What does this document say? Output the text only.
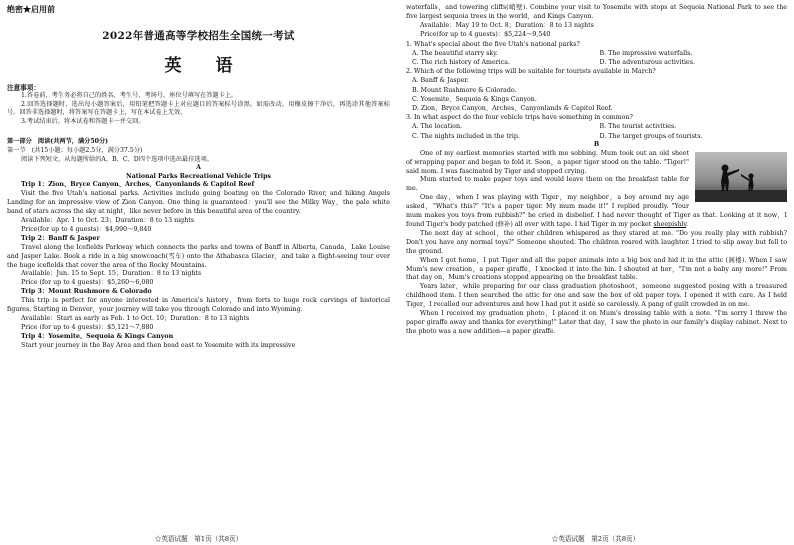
绝密★启用前
2022年普通高等学校招生全国统一考试
英 语
注意事项：

1.答卷前，考生务必将自己的姓名、考生号、考场号、座位号填写在答题卡上。

2.回答选择题时，选出每小题答案后，用铅笔把答题卡上对应题目的答案标号涂黑。如需改动，用橡皮擦干净后，再选涂其他答案标号。回答非选择题时，将答案写在答题卡上，写在本试卷上无效。

3.考试结束后，将本试卷和答题卡一并交回。

第一部分　阅读(共两节，满分50分)
第一节　(共15小题；每小题2.5分，满分37.5分)
阅读下列短文，从每题所给的A、B、C、D四个选项中选出最佳选项。
A
National Parks Recreational Vehicle Trips
Trip 1：Zion、Bryce Canyon、Arches、Canyonlands & Capitol Reef

Visit the five Utah's national parks. Activities include going boating on the Colorado River, and hiking Angels Landing for an impressive view of Zion Canyon. One thing is guaranteed：you'll see the Milky Way，the pale white band of stars across the sky at night，like never before in this beautiful area of the country.

Available：Apr. 1 to Oct. 23；Duration：8 to 13 nights
Price(for up to 4 guests)：$4,990～9,840
Trip 2：Banff & Jasper

Travel along the Icefields Parkway which connects the parks and towns of Banff in Alberta, Canada，Lake Louise and Jasper Lake. Book a ride in a big snowcoach(雪车) onto the Athabasca Glacier，and take a flight-seeing tour over the huge icefields that cover the area of the Rocky Mountains.

Available：Jun. 15 to Sept. 15；Duration：8 to 13 nights
Price (for up to 4 guests)：$5,260～6,080
Trip 3：Mount Rushmore & Colorado

This trip is perfect for anyone interested in America's history，from forts to huge rock carvings of historical figures. Starting in Denver，your journey will take you through Colorado and into Wyoming.

Available：Start as early as Feb. 1 to Oct. 10；Duration：8 to 13 nights
Price (for up to 4 guests)：$5,121～7,880
Trip 4：Yosemite、Sequoia & Kings Canyon

Start your journey in the Bay Area and then head east to Yosemite with its impressive

☆英语试题　第1页（共8页）

waterfalls，and towering cliffs(峭壁). Combine your visit to Yosemite with stops at Sequoia National Park to see the five largest sequoia trees in the world，and Kings Canyon.

Available：May 19 to Oct. 8；Duration：8 to 13 nights
Price(for up to 4 guests)：$5,224～9,540
1. What's special about the five Utah's national parks?
A. The beautiful starry sky.	B. The impressive waterfalls.
C. The rich history of America.	D. The adventurous activities.
2. Which of the following trips will be suitable for tourists available in March?
A. Banff & Jasper.
B. Mount Rushmore & Colorado.
C. Yosemite、Sequoia & Kings Canyon.
D. Zion、Bryce Canyon、Arches、Canyonlands & Capitol Reef.
3. In what aspect do the four vehicle trips have something in common?
A. The location.	B. The tourist activities.
C. The nights included in the trip.	D. The target groups of tourists.
B

One of my earliest memories started with me sobbing. Mum took out an old sheet of wrapping paper and began to fold it. Soon，a paper tiger stood on the table. "Tiger!" said mom. I was fascinated by Tiger and stopped crying.

Mum started to make paper toys and would leave them on the breakfast table for me.

One day，when I was playing with Tiger，my neighbor，a boy around my age asked，"What's this?" "It's a paper tiger. My mum made it!" I replied proudly. "Your mum makes you toys from rubbish?" he cried in disbelief. I had never thought of Tiger as that. Looking at it now，I found Tiger's body patched (修补) all over with tape. I hid Tiger in my pocket sheepishly.

The next day at school，the other children whispered as they stared at me. "Do you really play with rubbish? Don't you have any normal toys?" Someone shouted. The children roared with laughter. I tried to slip away but fell to the ground.

When I got home，I put Tiger and all the paper animals into a big box and hid it in the attic (阁楼). When I saw Mum's new creation，a paper giraffe，I knocked it into the bin. I shouted at her，"I'm not a baby any more!" From that day on，Mum's creations stopped appearing on the breakfast table.

Years later，while preparing for our class graduation photoshoot，someone suggested posing with a treasured childhood item. I then searched the attic for one and saw the box of old paper toys. I opened it with care. As I held Tiger，I recalled our adventures and how I had put it aside so carelessly. A pang of guilt crowded in on me.

When I received my graduation photo，I placed it on Mum's dressing table with a note. "I'm sorry I threw the paper giraffe away and thanks for everything!" Later that day，I saw the photo in our family's display cabinet. Next to the photo was a new addition—a paper giraffe.

☆英语试题　第2页（共8页）
